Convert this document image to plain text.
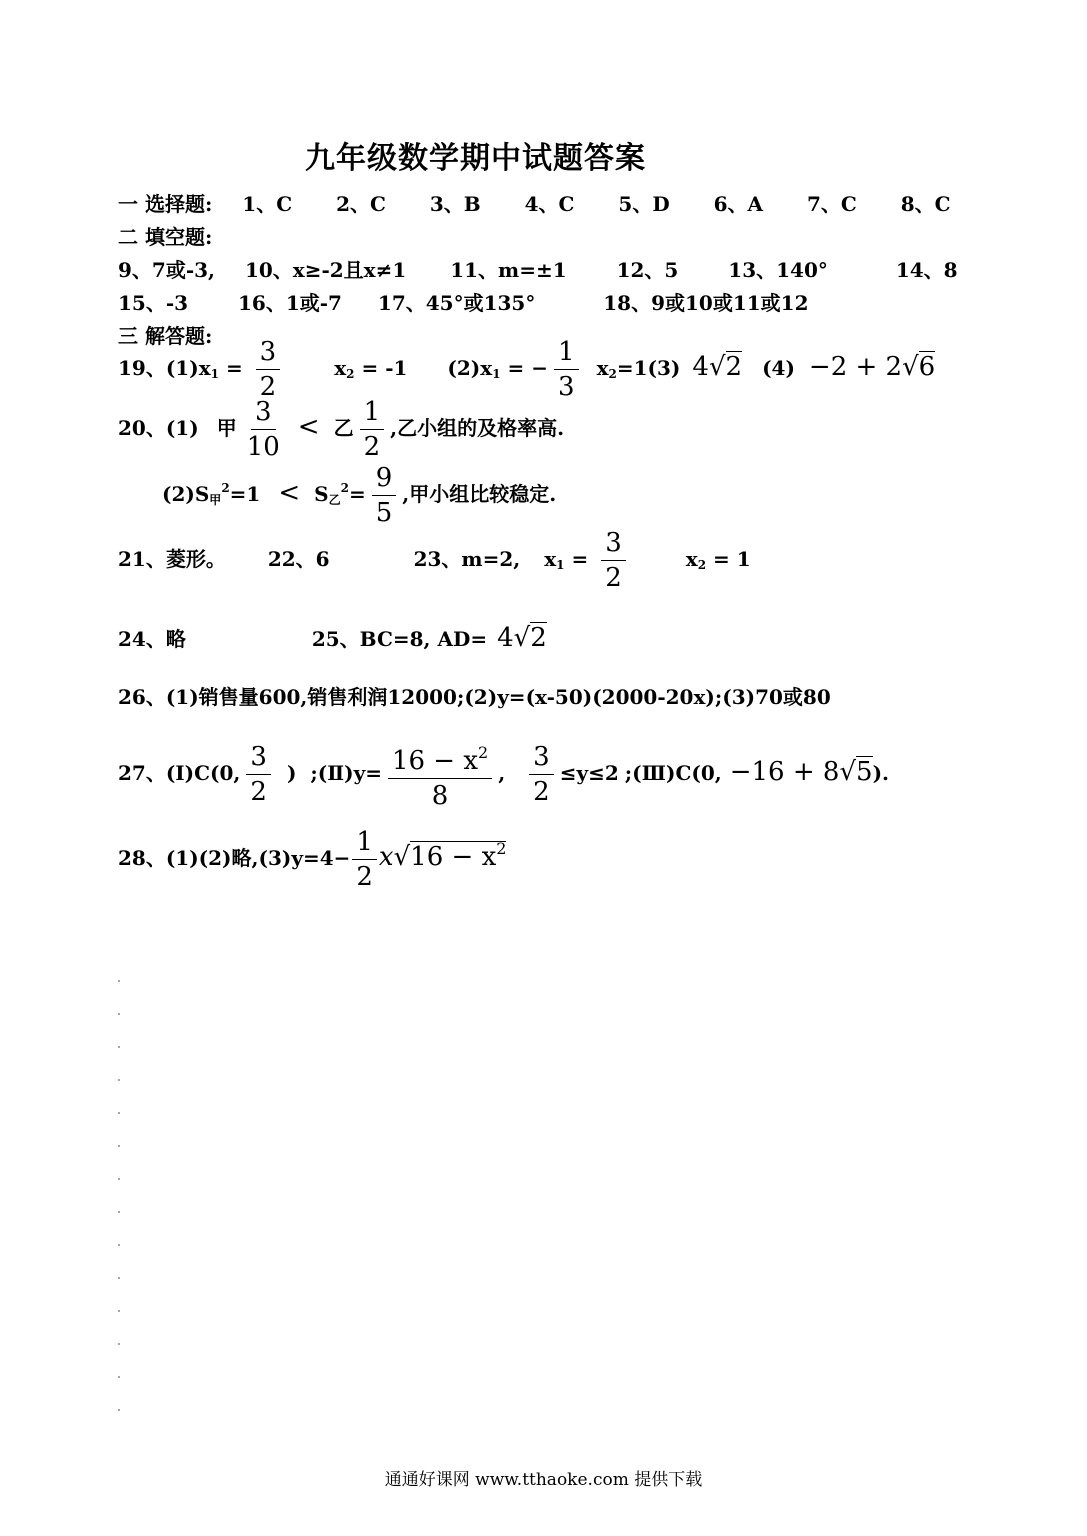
九年级数学期中试题答案
一 选择题: 1、C 2、C 3、B 4、C 5、D 6、A 7、C 8、C
二 填空题:
9、7或-3, 10、x≥-2且x≠1 11、m=±1 12、5 13、140°	14、8
15、-3 16、1或-7 17、45°或135°	18、9或10或11或12
三 解答题:
19、$(1)x_1 = \frac{3}{2}$	$x_2 = -1$ $(2)x_1$ = − $\frac{1}{3} x_2=1(3)$ 4√2 (4) −2 + 2√6
20、(1) 甲 $\frac{3}{10}$ < 乙 $\frac{1}{2}$ ,乙小组的及格率高.
$(2)S_甲^2=1 < S_乙^2= \frac{9}{5}$ ,甲小组比较稳定.
21、菱形。 22、6	23、m=2, $x_1 = \frac{3}{2}$	$x_2 = 1$
24、略	25、BC=8, AD= 4√2
26、(1)销售量600,销售利润12000;(2)y=(x-50)(2000-20x);(3)70或80
27、(Ⅰ)C(0, $\frac{3}{2}$ ) ;(Ⅱ)y= $\frac{16 - x^2}{8}$ , $\frac{3}{2} \le y\le 2$ ;(Ⅲ)C(0, −16 + 8√5).
28、(1)(2)略$,(3)y=4- \frac{1}{2} x√16 - x^2$
通通好课网 www.tthaoke.com 提供下载
